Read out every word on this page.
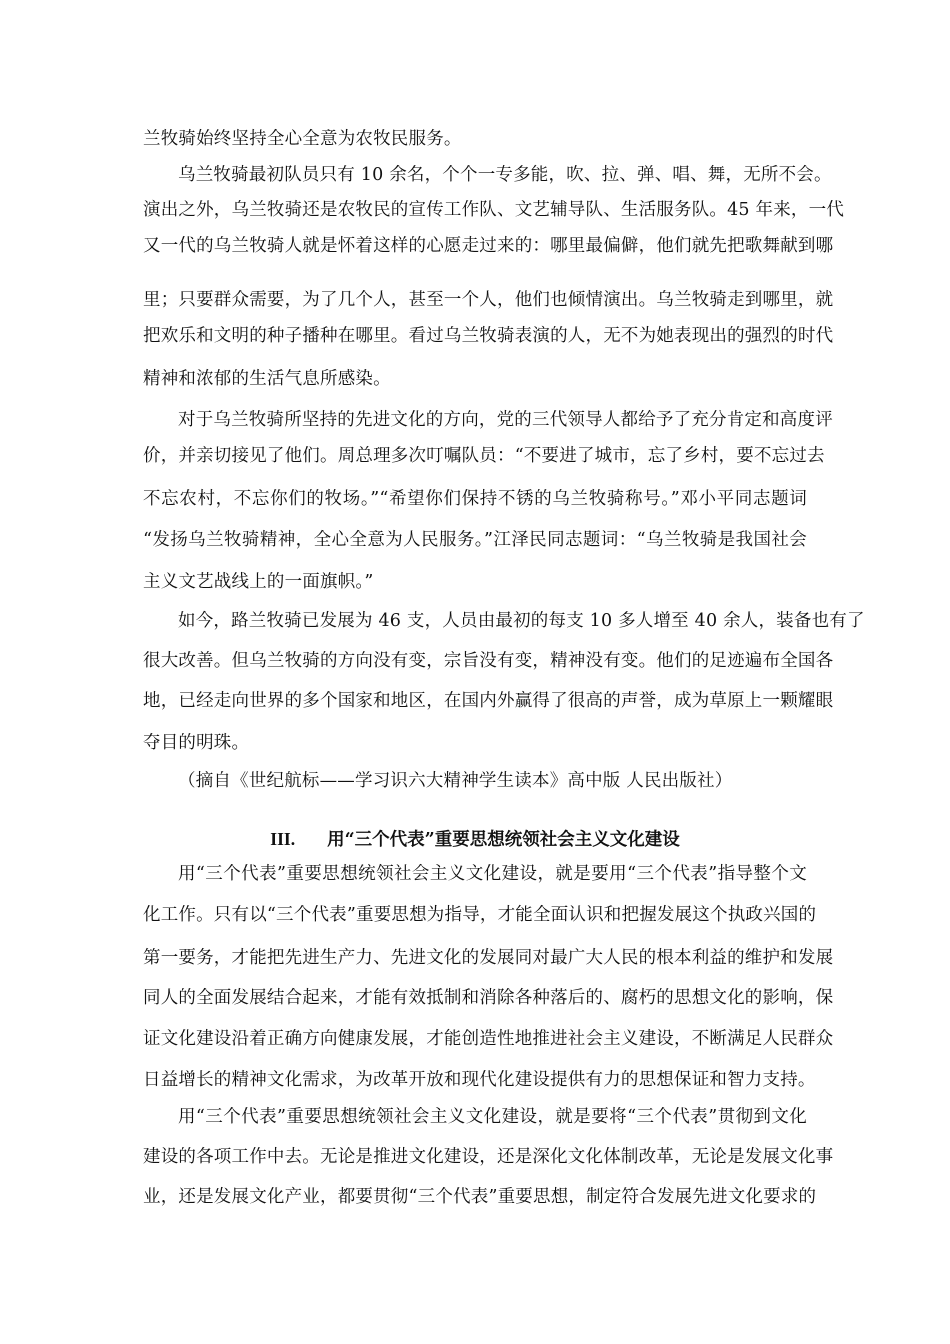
兰牧骑始终坚持全心全意为农牧民服务。
乌兰牧骑最初队员只有 10 余名，个个一专多能，吹、拉、弹、唱、舞，无所不会。
演出之外，乌兰牧骑还是农牧民的宣传工作队、文艺辅导队、生活服务队。45 年来，一代
又一代的乌兰牧骑人就是怀着这样的心愿走过来的：哪里最偏僻，他们就先把歌舞献到哪
里；只要群众需要，为了几个人，甚至一个人，他们也倾情演出。乌兰牧骑走到哪里，就
把欢乐和文明的种子播种在哪里。看过乌兰牧骑表演的人，无不为她表现出的强烈的时代
精神和浓郁的生活气息所感染。
对于乌兰牧骑所坚持的先进文化的方向，党的三代领导人都给予了充分肯定和高度评
价，并亲切接见了他们。周总理多次叮嘱队员：“不要进了城市，忘了乡村，要不忘过去
不忘农村，不忘你们的牧场。”“希望你们保持不锈的乌兰牧骑称号。”邓小平同志题词
“发扬乌兰牧骑精神，全心全意为人民服务。”江泽民同志题词：“乌兰牧骑是我国社会
主义文艺战线上的一面旗帜。”
如今，路兰牧骑已发展为 46 支，人员由最初的每支 10 多人增至 40 余人，装备也有了
很大改善。但乌兰牧骑的方向没有变，宗旨没有变，精神没有变。他们的足迹遍布全国各
地，已经走向世界的多个国家和地区，在国内外赢得了很高的声誉，成为草原上一颗耀眼
夺目的明珠。
（摘自《世纪航标——学习识六大精神学生读本》高中版 人民出版社）
III. 用“三个代表”重要思想统领社会主义文化建设
用“三个代表”重要思想统领社会主义文化建设，就是要用“三个代表”指导整个文
化工作。只有以“三个代表”重要思想为指导，才能全面认识和把握发展这个执政兴国的
第一要务，才能把先进生产力、先进文化的发展同对最广大人民的根本利益的维护和发展
同人的全面发展结合起来，才能有效抵制和消除各种落后的、腐朽的思想文化的影响，保
证文化建设沿着正确方向健康发展，才能创造性地推进社会主义建设，不断满足人民群众
日益增长的精神文化需求，为改革开放和现代化建设提供有力的思想保证和智力支持。
用“三个代表”重要思想统领社会主义文化建设，就是要将“三个代表”贯彻到文化
建设的各项工作中去。无论是推进文化建设，还是深化文化体制改革，无论是发展文化事
业，还是发展文化产业，都要贯彻“三个代表”重要思想，制定符合发展先进文化要求的
